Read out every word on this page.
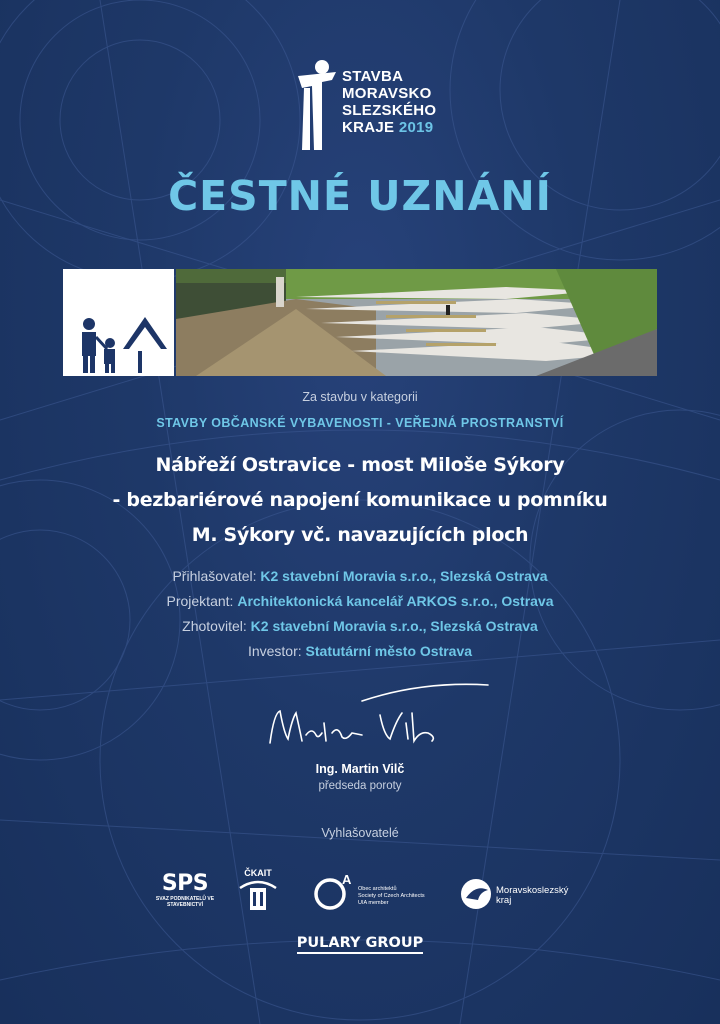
STAVBA
MORAVSKO
SLEZSKÉHO
KRAJE 2019
ČESTNÉ UZNÁNÍ
Za stavbu v kategorii
STAVBY OBČANSKÉ VYBAVENOSTI - VEŘEJNÁ PROSTRANSTVÍ
Nábřeží Ostravice - most Miloše Sýkory
- bezbariérové napojení komunikace u pomníku
M. Sýkory vč. navazujících ploch
Přihlašovatel: K2 stavební Moravia s.r.o., Slezská Ostrava
Projektant: Architektonická kancelář ARKOS s.r.o., Ostrava
Zhotovitel: K2 stavební Moravia s.r.o., Slezská Ostrava
Investor: Statutární město Ostrava
Ing. Martin Vilč
předseda poroty
Vyhlašovatelé
SPS
SVAZ PODNIKATELŮ VE STAVEBNICTVÍ
ČKAIT	A
Obec architektů
Society of Czech Architects
UIA member
Moravskoslezský
kraj
PULARY GROUP
